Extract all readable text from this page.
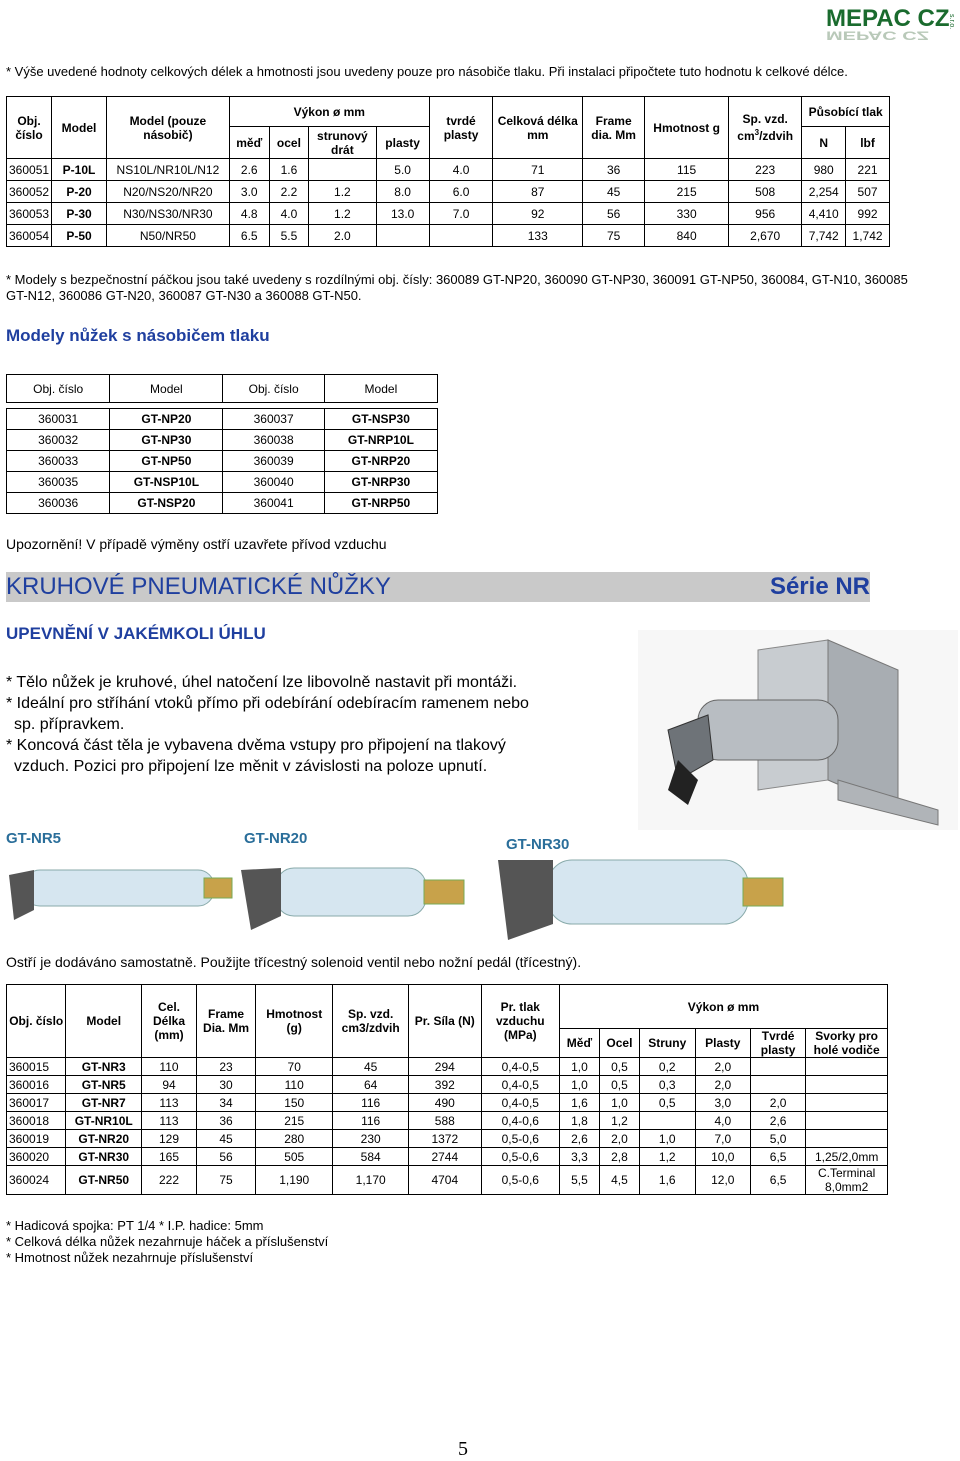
MEPAC CZ
MEPAC CZ
s.r.o.
* Výše uvedené hodnoty celkových délek a hmotnosti jsou uvedeny pouze pro násobiče tlaku. Při instalaci připočtete tuto hodnotu k celkové délce.
Obj. číslo	Model	Model (pouze násobič)	Výkon ø mm				tvrdé plasty	Celková délka mm	Frame dia. Mm	Hmotnost g	Sp. vzd.
$cm^3$/zdvih	Působící tlak	
			měď	ocel	strunový drát	plasty						N	lbf
360051	P-10L	NS10L/NR10L/N12	2.6	1.6		5.0	4.0	71	36	115	223	980	221
360052	P-20	N20/NS20/NR20	3.0	2.2	1.2	8.0	6.0	87	45	215	508	2,254	507
360053	P-30	N30/NS30/NR30	4.8	4.0	1.2	13.0	7.0	92	56	330	956	4,410	992
360054	P-50	N50/NR50	6.5	5.5	2.0			133	75	840	2,670	7,742	1,742
* Modely s bezpečnostní páčkou jsou také uvedeny s rozdílnými obj. čísly: 360089 GT-NP20, 360090 GT-NP30, 360091 GT-NP50, 360084, GT-N10, 360085 GT-N12, 360086 GT-N20, 360087 GT-N30 a 360088 GT-N50.
Modely nůžek s násobičem tlaku
Obj. číslo	Model	Obj. číslo	Model

360031	GT-NP20	360037	GT-NSP30
360032	GT-NP30	360038	GT-NRP10L
360033	GT-NP50	360039	GT-NRP20
360035	GT-NSP10L	360040	GT-NRP30
360036	GT-NSP20	360041	GT-NRP50
Upozornění! V případě výměny ostří uzavřete přívod vzduchu
KRUHOVÉ PNEUMATICKÉ NŮŽKY	Série NR
UPEVNĚNÍ V JAKÉMKOLI ÚHLU
* Tělo nůžek je kruhové, úhel natočení lze libovolně nastavit při montáži.
* Ideální pro stříhání vtoků přímo při odebírání odebíracím ramenem nebo
sp. přípravkem.
* Koncová část těla je vybavena dvěma vstupy pro připojení na tlakový
vzduch. Pozici pro připojení lze měnit v závislosti na poloze upnutí.
GT-NR5	GT-NR20	GT-NR30
Ostří je dodáváno samostatně. Použijte třícestný solenoid ventil nebo nožní pedál (třícestný).
Obj. číslo	Model	Cel. Délka (mm)	Frame Dia. Mm	Hmotnost (g)	Sp. vzd. cm3/zdvih	Pr. Síla (N)	Pr. tlak vzduchu (MPa)	Výkon ø mm					
								Měď	Ocel	Struny	Plasty	Tvrdé plasty	Svorky pro holé vodiče
360015	GT-NR3	110	23	70	45	294	0,4-0,5	1,0	0,5	0,2	2,0		
360016	GT-NR5	94	30	110	64	392	0,4-0,5	1,0	0,5	0,3	2,0		
360017	GT-NR7	113	34	150	116	490	0,4-0,5	1,6	1,0	0,5	3,0	2,0	
360018	GT-NR10L	113	36	215	116	588	0,4-0,6	1,8	1,2		4,0	2,6	
360019	GT-NR20	129	45	280	230	1372	0,5-0,6	2,6	2,0	1,0	7,0	5,0	
360020	GT-NR30	165	56	505	584	2744	0,5-0,6	3,3	2,8	1,2	10,0	6,5	1,25/2,0mm
360024	GT-NR50	222	75	1,190	1,170	4704	0,5-0,6	5,5	4,5	1,6	12,0	6,5	C.Terminal 8,0mm2
* Hadicová spojka: PT 1/4 * I.P. hadice: 5mm
* Celková délka nůžek nezahrnuje háček a příslušenství
* Hmotnost nůžek nezahrnuje příslušenství
5
